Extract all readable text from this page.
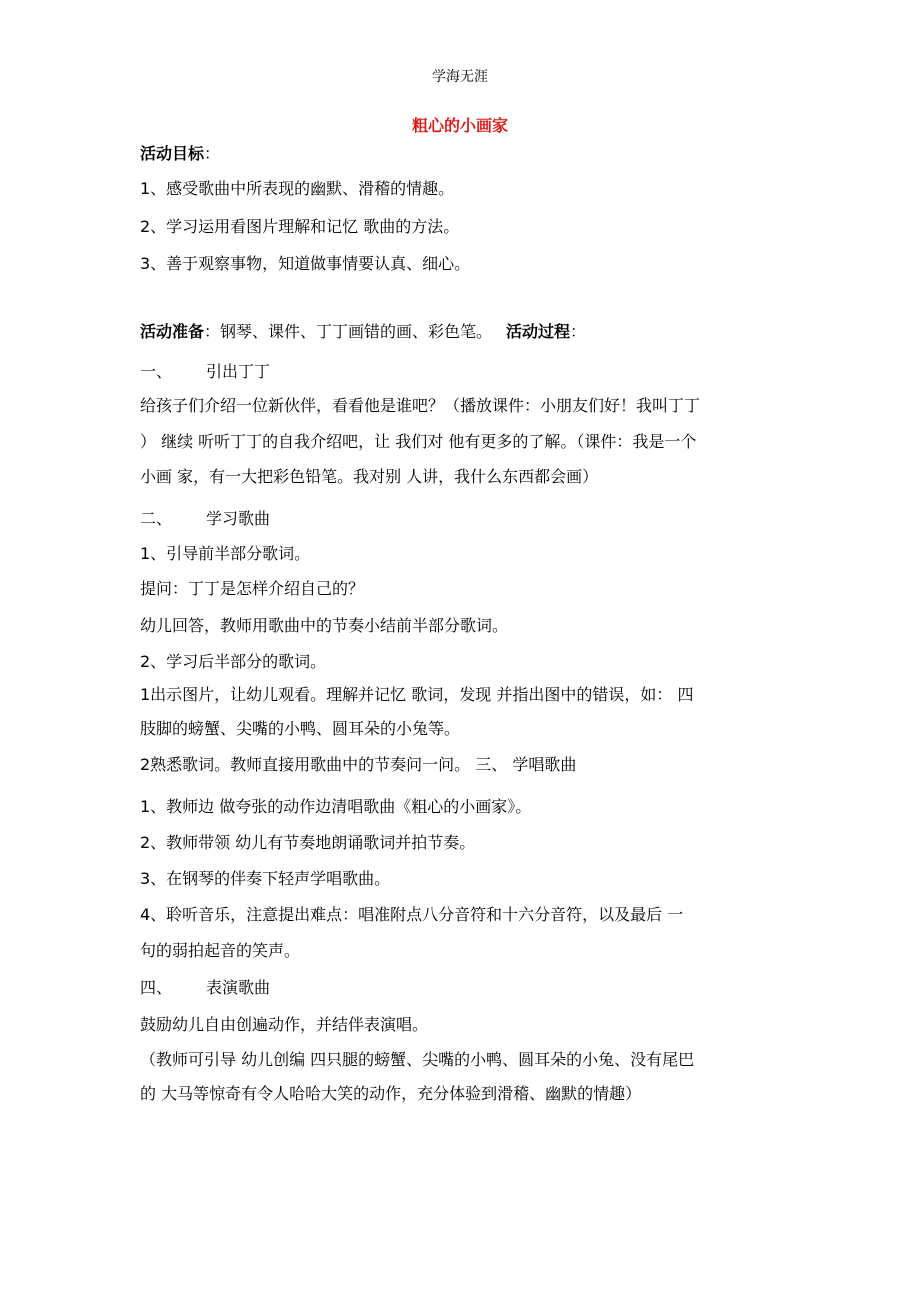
学海无涯
粗心的小画家
活动目标：
1、感受歌曲中所表现的幽默、滑稽的情趣。
2、学习运用看图片理解和记忆 歌曲的方法。
3、善于观察事物，知道做事情要认真、细心。
活动准备：钢琴、课件、丁丁画错的画、彩色笔。 活动过程：
一、 引出丁丁
给孩子们介绍一位新伙伴，看看他是谁吧？（播放课件：小朋友们好！我叫丁丁
） 继续 听听丁丁的自我介绍吧，让 我们对 他有更多的了解。（课件：我是一个
小画 家，有一大把彩色铅笔。我对别 人讲，我什么东西都会画）
二、 学习歌曲
1、引导前半部分歌词。
提问：丁丁是怎样介绍自己的？
幼儿回答，教师用歌曲中的节奏小结前半部分歌词。
2、学习后半部分的歌词。
1出示图片，让幼儿观看。理解并记忆 歌词，发现 并指出图中的错误，如： 四
肢脚的螃蟹、尖嘴的小鸭、圆耳朵的小兔等。
2熟悉歌词。教师直接用歌曲中的节奏问一问。 三、 学唱歌曲
1、教师边 做夸张的动作边清唱歌曲《粗心的小画家》。
2、教师带领 幼儿有节奏地朗诵歌词并拍节奏。
3、在钢琴的伴奏下轻声学唱歌曲。
4、聆听音乐，注意提出难点：唱准附点八分音符和十六分音符，以及最后 一
句的弱拍起音的笑声。
四、 表演歌曲
鼓励幼儿自由创遍动作，并结伴表演唱。
（教师可引导 幼儿创编 四只腿的螃蟹、尖嘴的小鸭、圆耳朵的小兔、没有尾巴
的 大马等惊奇有令人哈哈大笑的动作，充分体验到滑稽、幽默的情趣）
